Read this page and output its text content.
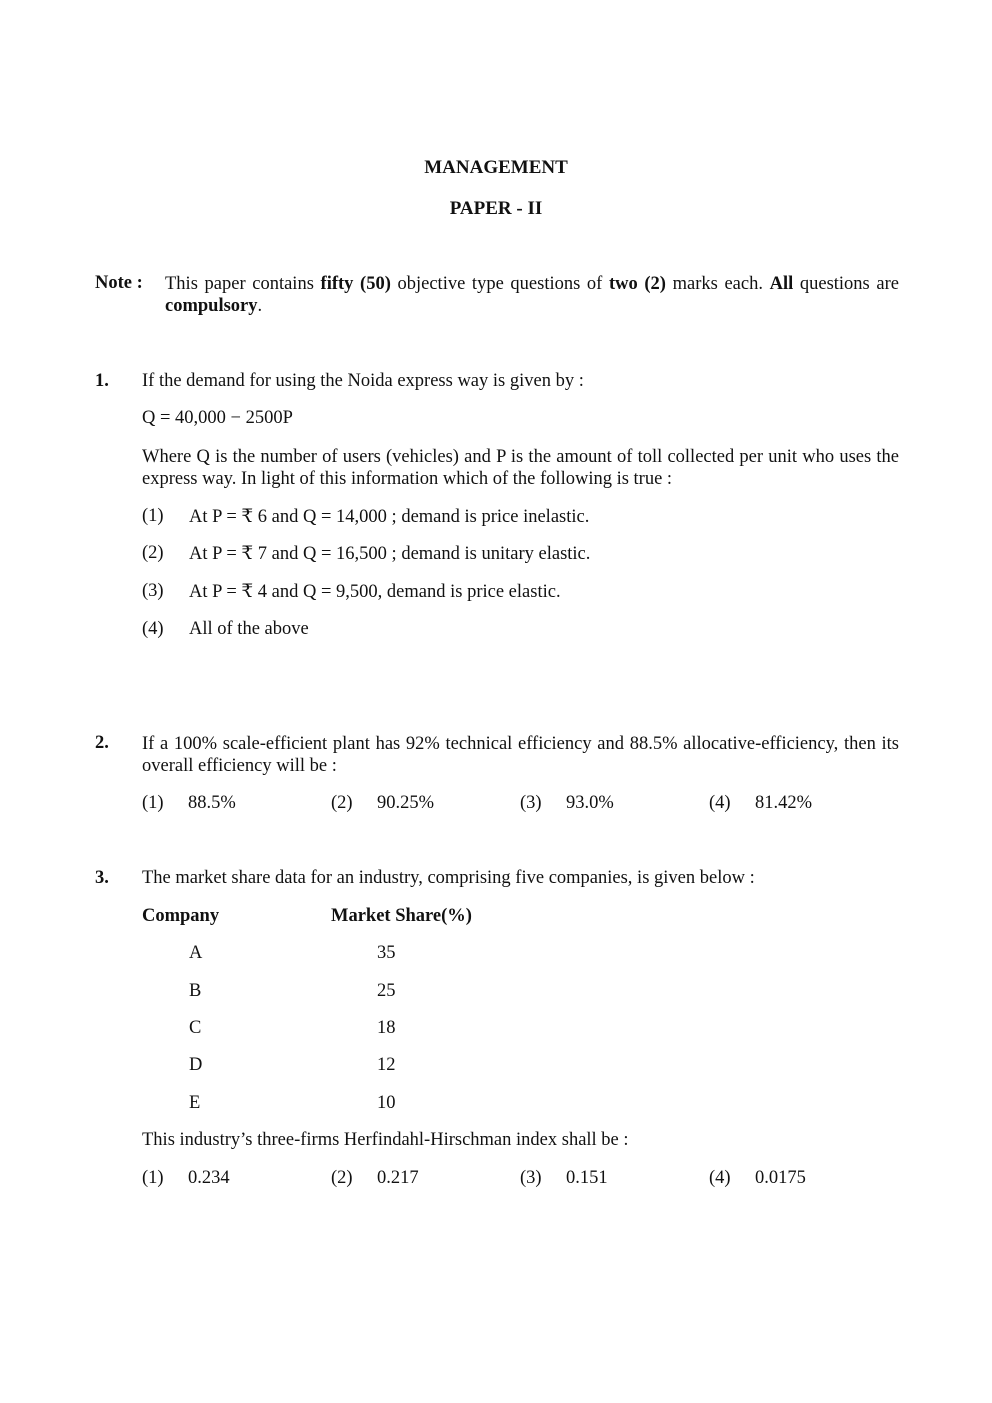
MANAGEMENT
PAPER - II
Note : This paper contains fifty (50) objective type questions of two (2) marks each. All questions are compulsory.
1. If the demand for using the Noida express way is given by :
Q = 40,000 − 2500P
Where Q is the number of users (vehicles) and P is the amount of toll collected per unit who uses the express way. In light of this information which of the following is true :
(1) At P = ₹ 6 and Q = 14,000 ; demand is price inelastic.
(2) At P = ₹ 7 and Q = 16,500 ; demand is unitary elastic.
(3) At P = ₹ 4 and Q = 9,500, demand is price elastic.
(4) All of the above
2. If a 100% scale-efficient plant has 92% technical efficiency and 88.5% allocative-efficiency, then its overall efficiency will be :
(1) 88.5%	(2) 90.25%	(3) 93.0%	(4) 81.42%
3. The market share data for an industry, comprising five companies, is given below :
Company	Market Share(%)
A	35
B	25
C	18
D	12
E	10
This industry’s three-firms Herfindahl-Hirschman index shall be :
(1) 0.234	(2) 0.217	(3) 0.151	(4) 0.0175
